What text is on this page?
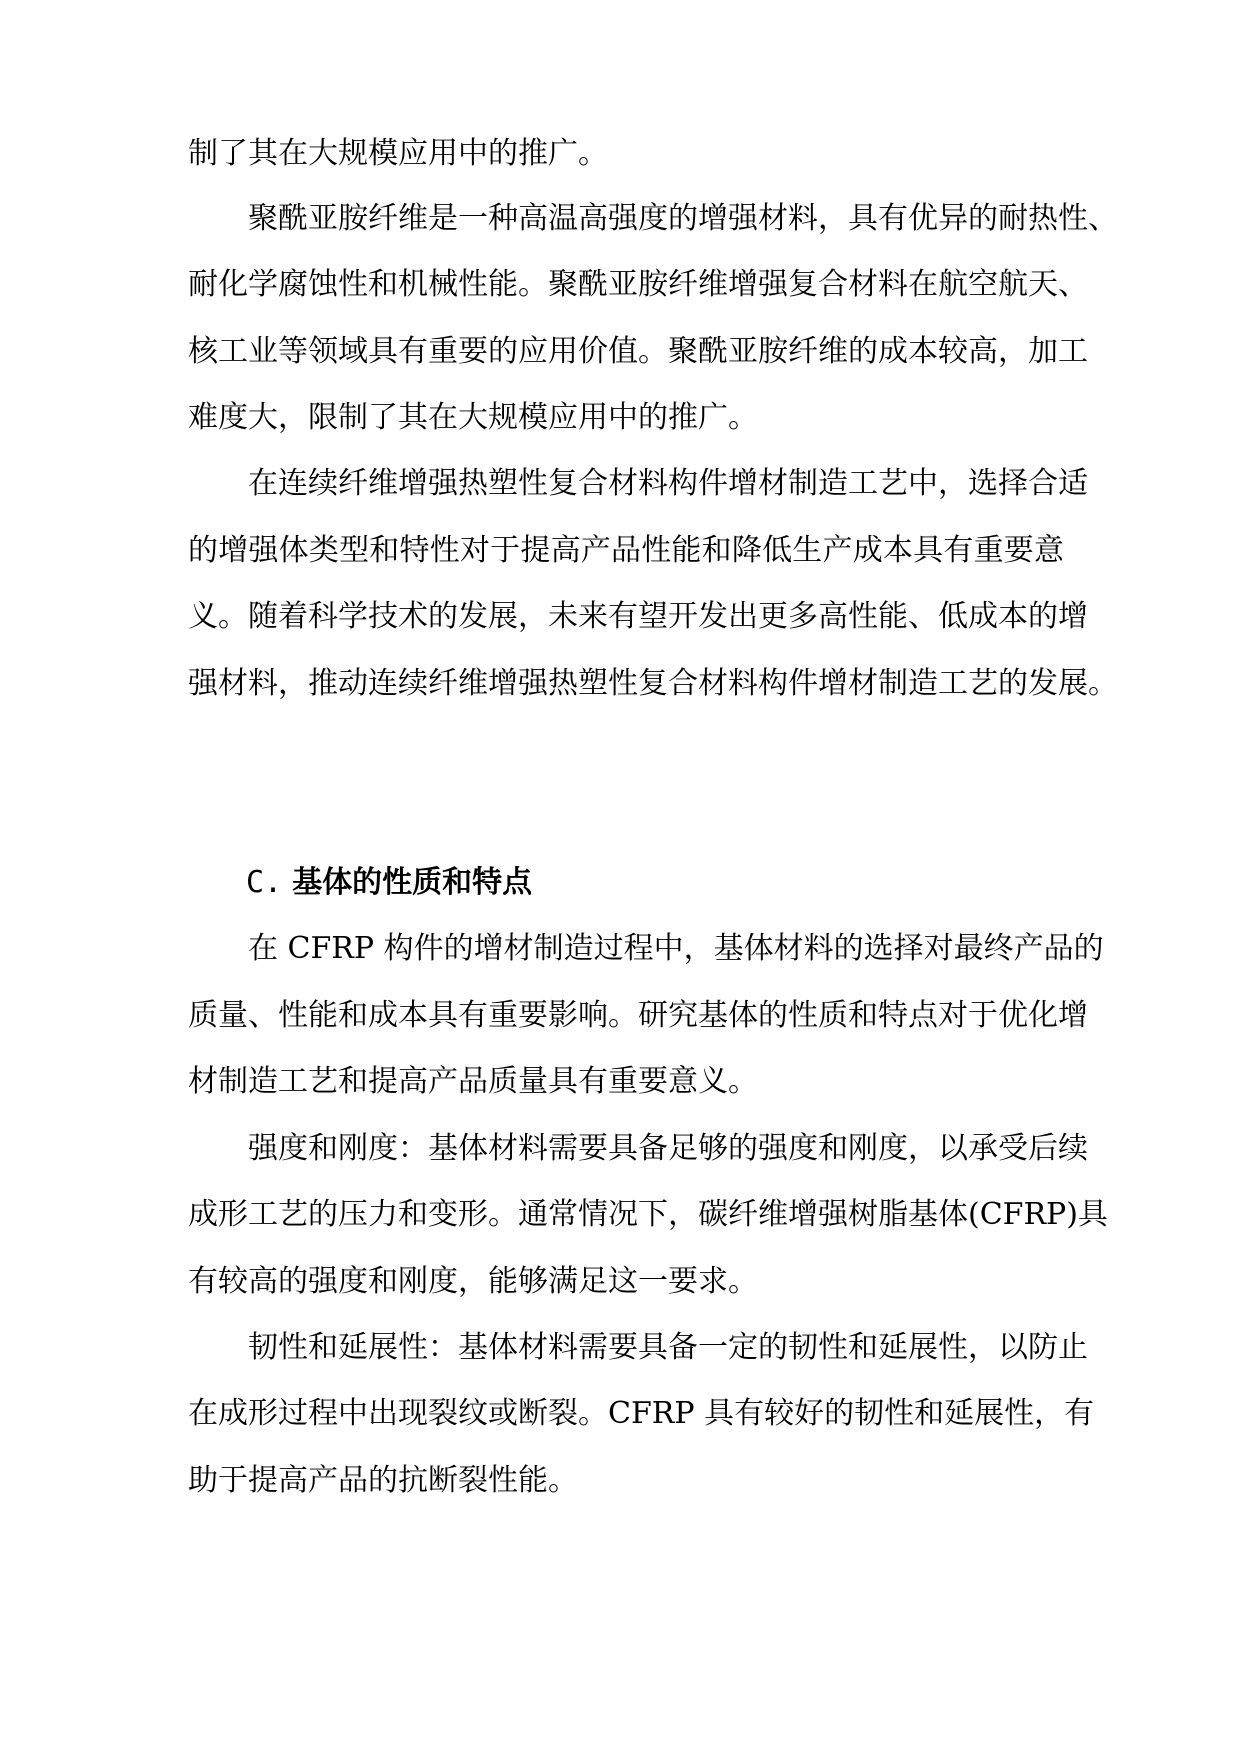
制了其在大规模应用中的推广。
聚酰亚胺纤维是一种高温高强度的增强材料，具有优异的耐热性、
耐化学腐蚀性和机械性能。聚酰亚胺纤维增强复合材料在航空航天、
核工业等领域具有重要的应用价值。聚酰亚胺纤维的成本较高，加工
难度大，限制了其在大规模应用中的推广。
在连续纤维增强热塑性复合材料构件增材制造工艺中，选择合适
的增强体类型和特性对于提高产品性能和降低生产成本具有重要意
义。随着科学技术的发展，未来有望开发出更多高性能、低成本的增
强材料，推动连续纤维增强热塑性复合材料构件增材制造工艺的发展。
C. 基体的性质和特点
在 CFRP 构件的增材制造过程中，基体材料的选择对最终产品的
质量、性能和成本具有重要影响。研究基体的性质和特点对于优化增
材制造工艺和提高产品质量具有重要意义。
强度和刚度：基体材料需要具备足够的强度和刚度，以承受后续
成形工艺的压力和变形。通常情况下，碳纤维增强树脂基体(CFRP)具
有较高的强度和刚度，能够满足这一要求。
韧性和延展性：基体材料需要具备一定的韧性和延展性，以防止
在成形过程中出现裂纹或断裂。CFRP 具有较好的韧性和延展性，有
助于提高产品的抗断裂性能。
